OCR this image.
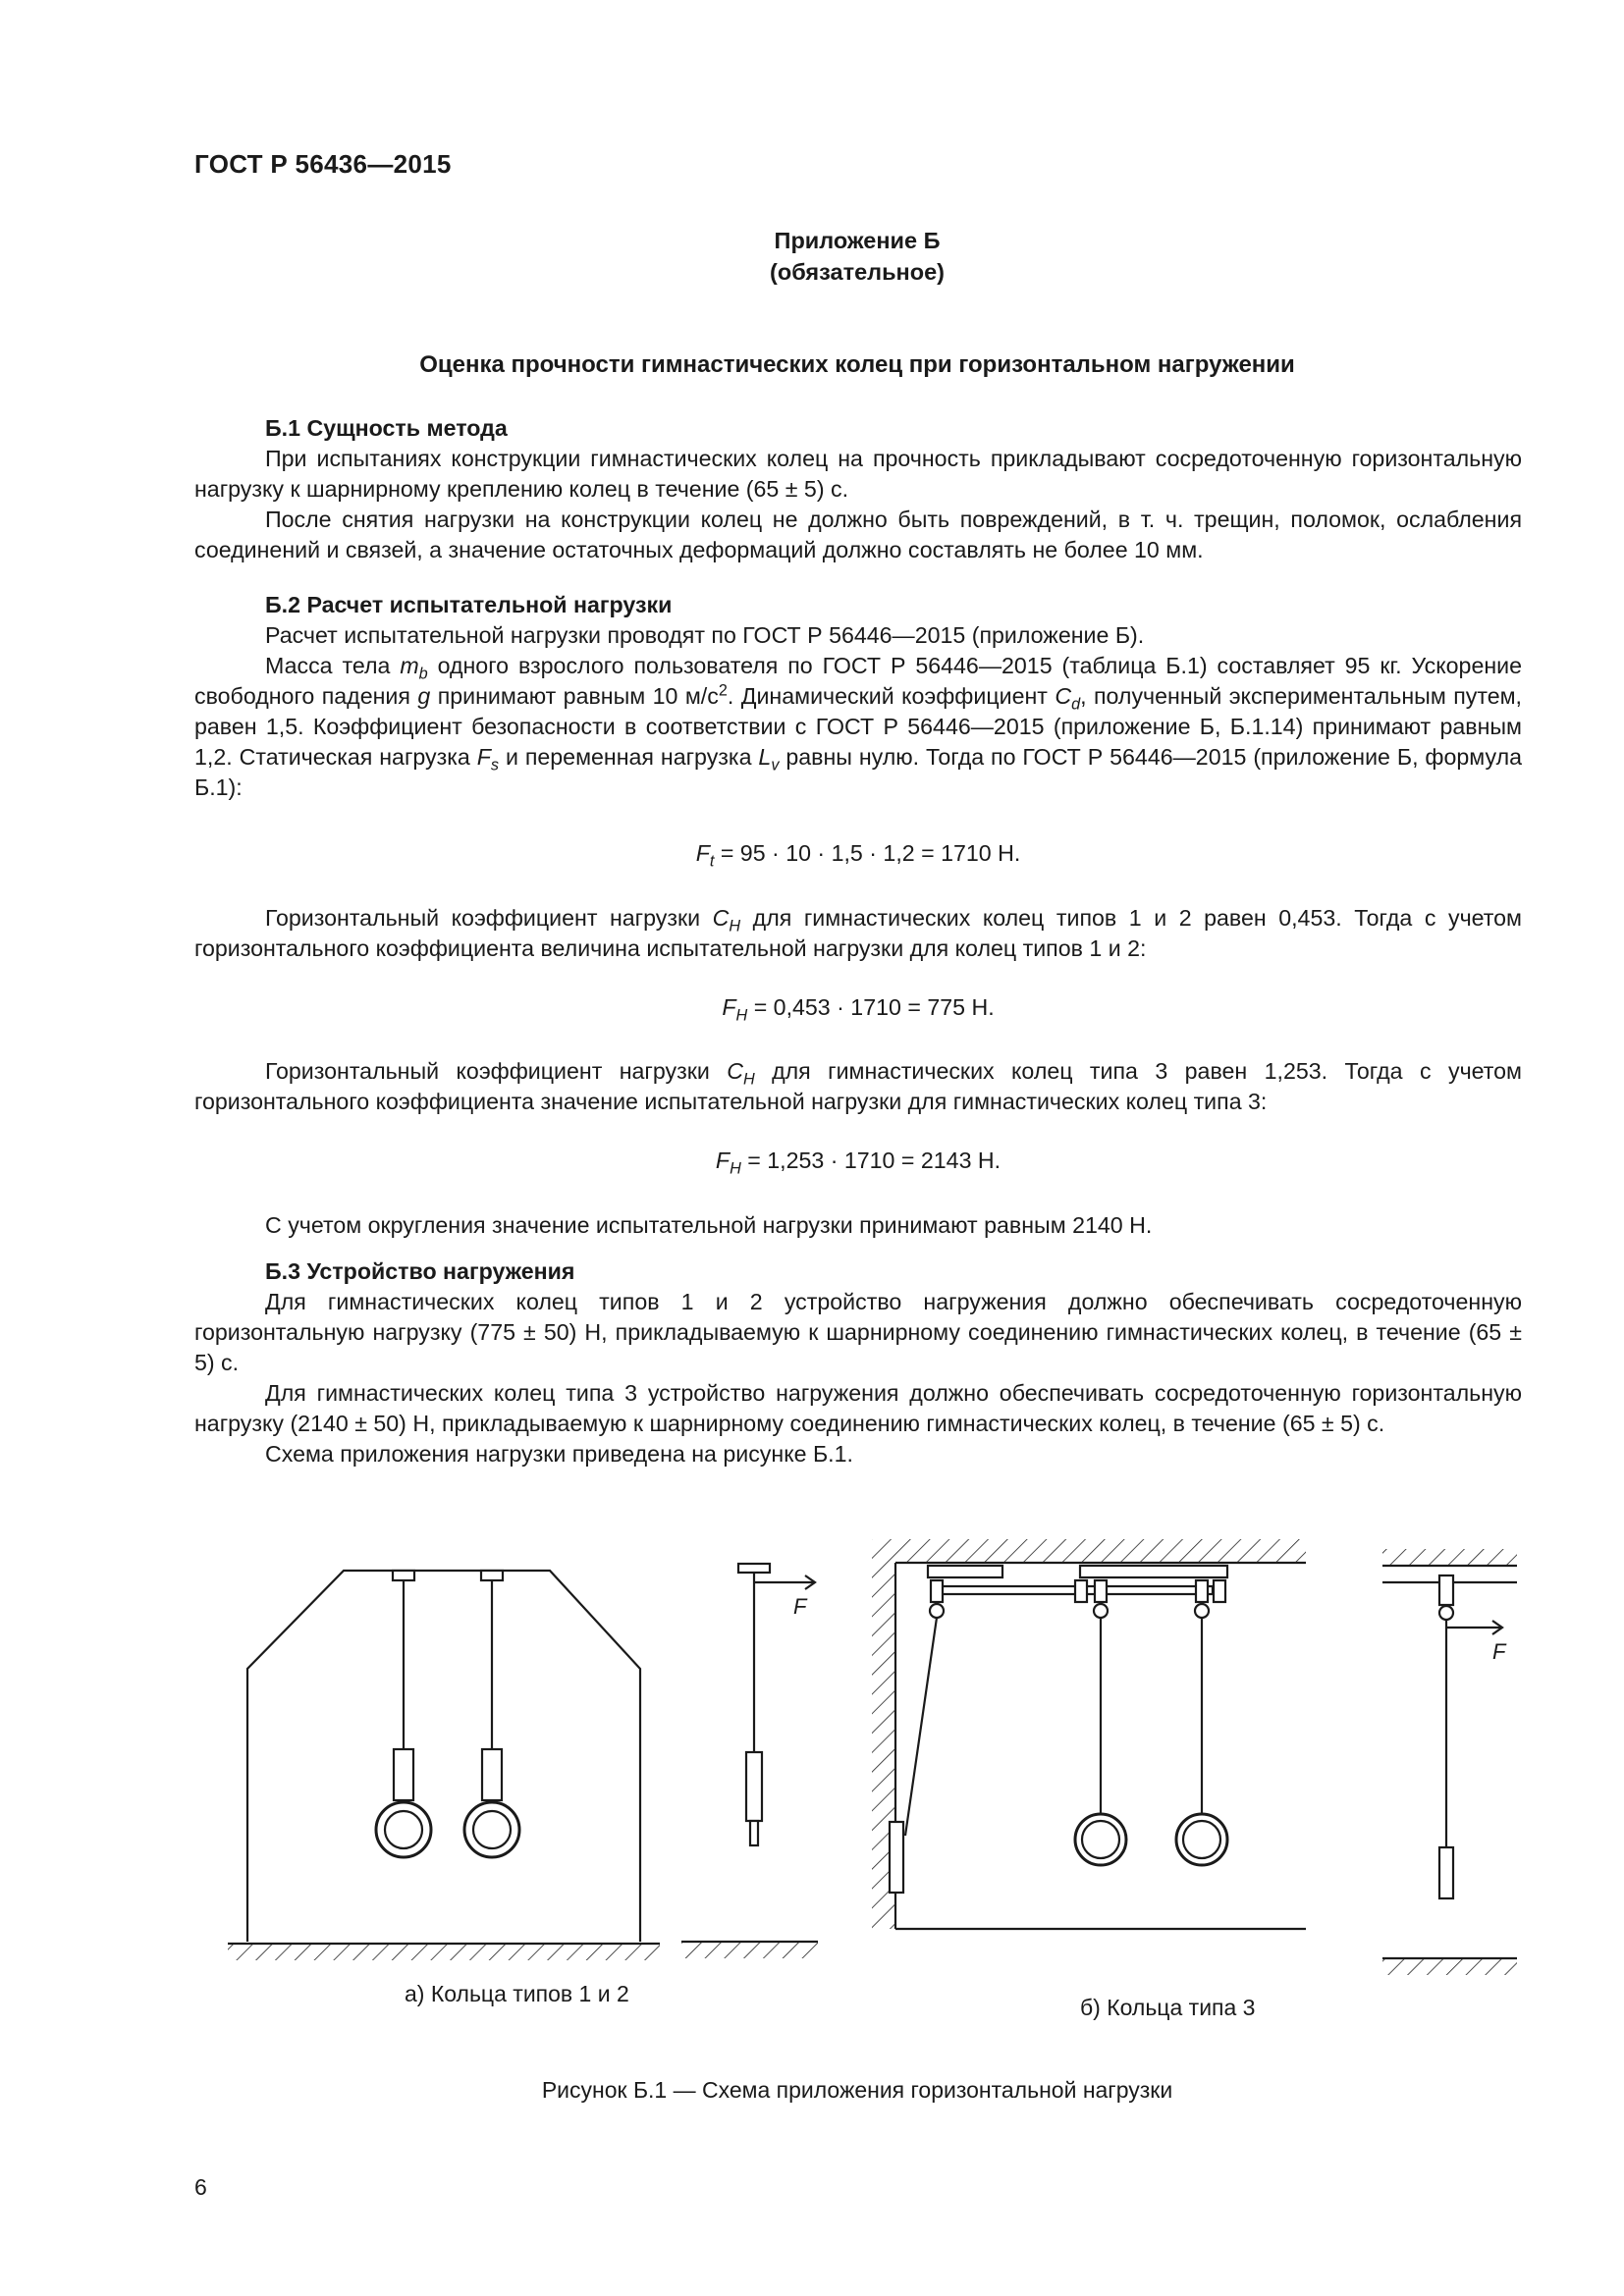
ГОСТ Р 56436—2015
Приложение Б
(обязательное)
Оценка прочности гимнастических колец при горизонтальном нагружении

Б.1 Сущность метода

При испытаниях конструкции гимнастических колец на прочность прикладывают сосредоточенную горизонтальную нагрузку к шарнирному креплению колец в течение (65 ± 5) с.

После снятия нагрузки на конструкции колец не должно быть повреждений, в т. ч. трещин, поломок, ослабления соединений и связей, а значение остаточных деформаций должно составлять не более 10 мм.

Б.2 Расчет испытательной нагрузки

Расчет испытательной нагрузки проводят по ГОСТ Р 56446—2015 (приложение Б).

Масса тела $m_b$ одного взрослого пользователя по ГОСТ Р 56446—2015 (таблица Б.1) составляет 95 кг. Ускорение свободного падения g принимают равным 10 $м/с^2$. Динамический коэффициент $C_d$, полученный экспериментальным путем, равен 1,5. Коэффициент безопасности в соответствии с ГОСТ Р 56446—2015 (приложение Б, Б.1.14) принимают равным 1,2. Статическая нагрузка $F_s$ и переменная нагрузка $L_v$ равны нулю. Тогда по ГОСТ Р 56446—2015 (приложение Б, формула Б.1):

$F_t = 95 \cdot 10 \cdot 1,5 \cdot 1,2 = 1710$ Н.

Горизонтальный коэффициент нагрузки $C_H$ для гимнастических колец типов 1 и 2 равен 0,453. Тогда с учетом горизонтального коэффициента величина испытательной нагрузки для колец типов 1 и 2:

$F_H = 0,453 \cdot 1710 = 775$ Н.

Горизонтальный коэффициент нагрузки $C_H$ для гимнастических колец типа 3 равен 1,253. Тогда с учетом горизонтального коэффициента значение испытательной нагрузки для гимнастических колец типа 3:

$F_H = 1,253 \cdot 1710 = 2143$ Н.

С учетом округления значение испытательной нагрузки принимают равным 2140 Н.

Б.3 Устройство нагружения

Для гимнастических колец типов 1 и 2 устройство нагружения должно обеспечивать сосредоточенную горизонтальную нагрузку (775 ± 50) Н, прикладываемую к шарнирному соединению гимнастических колец, в течение (65 ± 5) с.

Для гимнастических колец типа 3 устройство нагружения должно обеспечивать сосредоточенную горизонтальную нагрузку (2140 ± 50) Н, прикладываемую к шарнирному соединению гимнастических колец, в течение (65 ± 5) с.

Схема приложения нагрузки приведена на рисунке Б.1.

F
F
а) Кольца типов 1 и 2
б) Кольца типа 3
Рисунок Б.1 — Схема приложения горизонтальной нагрузки
6
